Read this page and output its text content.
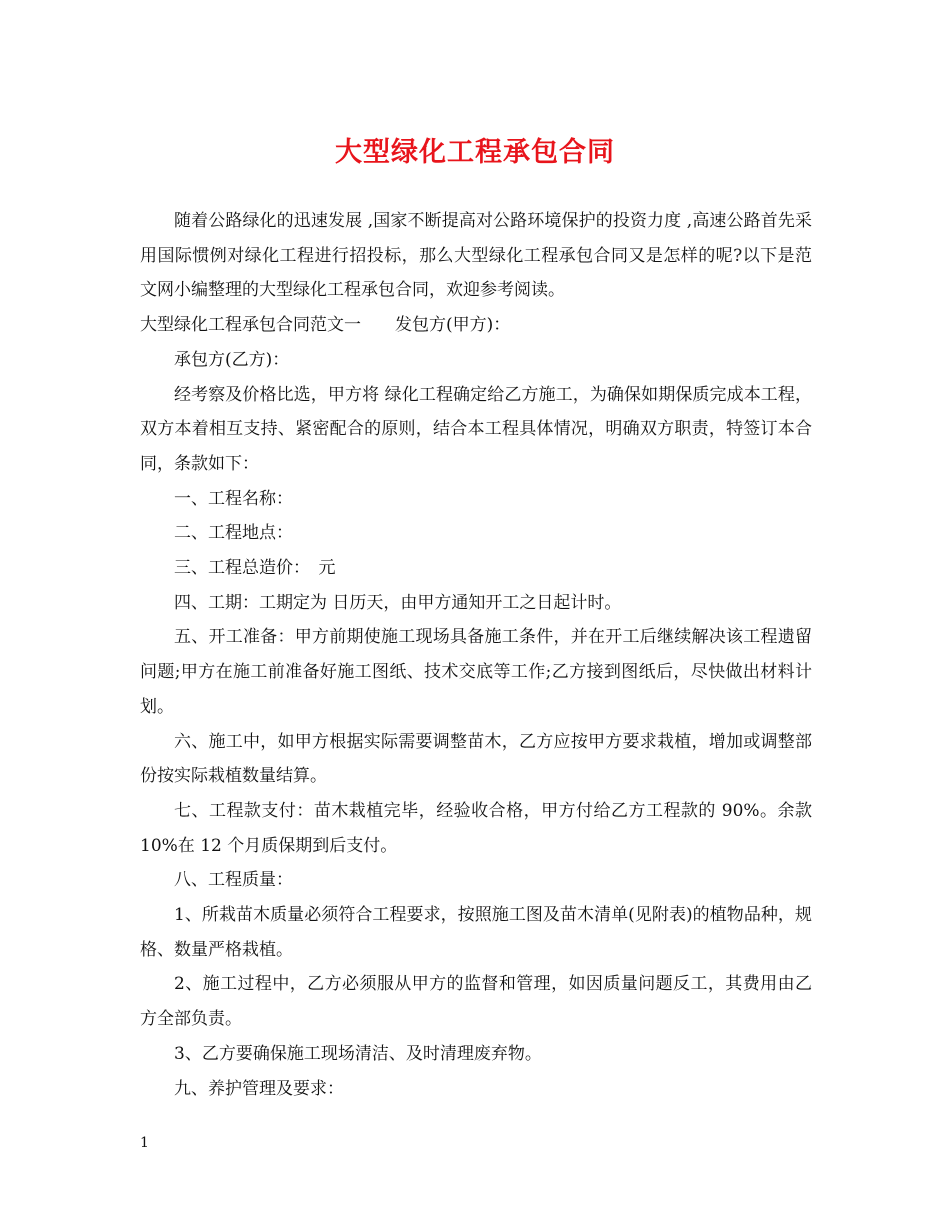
大型绿化工程承包合同

随着公路绿化的迅速发展 ,国家不断提高对公路环境保护的投资力度 ,高速公路首先采用国际惯例对绿化工程进行招投标，那么大型绿化工程承包合同又是怎样的呢?以下是范文网小编整理的大型绿化工程承包合同，欢迎参考阅读。

大型绿化工程承包合同范文一　　发包方(甲方)：

承包方(乙方)：

经考察及价格比选，甲方将 绿化工程确定给乙方施工，为确保如期保质完成本工程，双方本着相互支持、紧密配合的原则，结合本工程具体情况，明确双方职责，特签订本合同，条款如下：

一、工程名称：

二、工程地点：

三、工程总造价：　元

四、工期：工期定为 日历天，由甲方通知开工之日起计时。

五、开工准备：甲方前期使施工现场具备施工条件，并在开工后继续解决该工程遗留问题;甲方在施工前准备好施工图纸、技术交底等工作;乙方接到图纸后，尽快做出材料计划。

六、施工中，如甲方根据实际需要调整苗木，乙方应按甲方要求栽植，增加或调整部份按实际栽植数量结算。

七、工程款支付：苗木栽植完毕，经验收合格，甲方付给乙方工程款的 90%。余款 10%在 12 个月质保期到后支付。

八、工程质量：

1、所栽苗木质量必须符合工程要求，按照施工图及苗木清单(见附表)的植物品种，规格、数量严格栽植。

2、施工过程中，乙方必须服从甲方的监督和管理，如因质量问题反工，其费用由乙方全部负责。

3、乙方要确保施工现场清洁、及时清理废弃物。

九、养护管理及要求：

1
